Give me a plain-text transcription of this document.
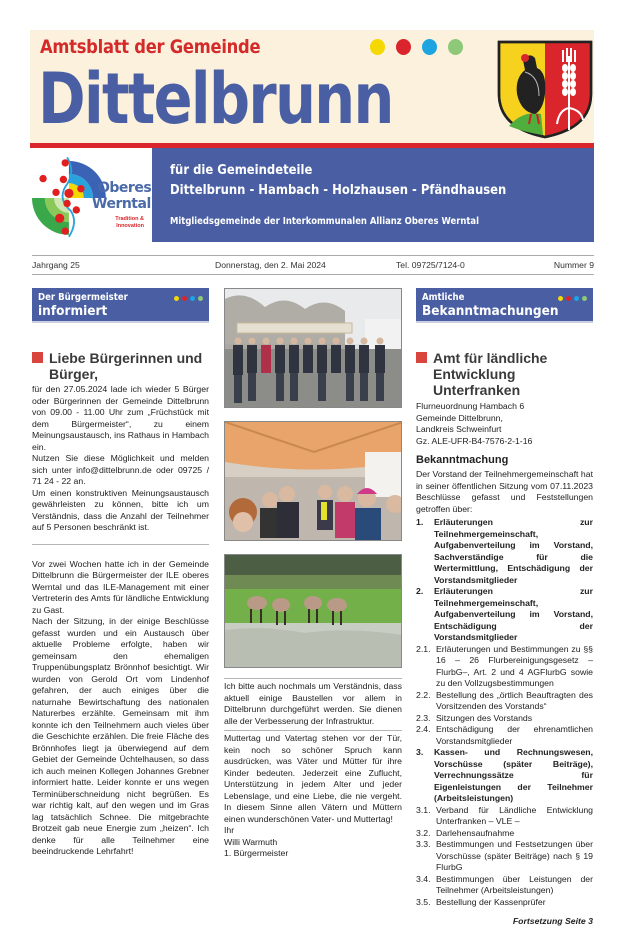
Amtsblatt der Gemeinde
Dittelbrunn
Oberes
Werntal
Tradition &
Innovation
für die Gemeindeteile
Dittelbrunn - Hambach - Holzhausen - Pfändhausen
Mitgliedsgemeinde der Interkommunalen Allianz Oberes Werntal
Jahrgang 25	Donnerstag, den 2. Mai 2024	Tel. 09725/7124-0	Nummer 9
Der Bürgermeister
informiert
Liebe Bürgerinnen und
Bürger,

für den 27.05.2024 lade ich wieder 5 Bürger oder Bürgerinnen der Gemeinde Dittelbrunn von 09.00 - 11.00 Uhr zum „Früchstück mit dem Bürgermeister“, zu einem Meinungsaustausch, ins Rathaus in Hambach ein.

Nutzen Sie diese Möglichkeit und melden sich unter info@dittelbrunn.de oder 09725 / 71 24 - 22 an.

Um einen konstruktiven Meinungsaustausch gewährleisten zu können, bitte ich um Verständnis, dass die Anzahl der Teilnehmer auf 5 Personen beschränkt ist.

Vor zwei Wochen hatte ich in der Gemeinde Dittelbrunn die Bürgermeister der ILE oberes Werntal und das ILE-Management mit einer Vertreterin des Amts für ländliche Entwicklung zu Gast.

Nach der Sitzung, in der einige Beschlüsse gefasst wurden und ein Austausch über aktuelle Probleme erfolgte, haben wir gemeinsam den ehemaligen Truppenübungsplatz Brönnhof besichtigt. Wir wurden von Gerold Ort vom Lindenhof gefahren, der auch einiges über die naturnahe Bewirtschaftung des nationalen Naturerbes erzählte. Gemeinsam mit ihm konnte ich den Teilnehmern auch vieles über die Geschichte erzählen. Die freie Fläche des Brönnhofes liegt ja überwiegend auf dem Gebiet der Gemeinde Üchtelhausen, so dass ich auch meinen Kollegen Johannes Grebner informiert hatte. Leider konnte er uns wegen Terminüberschneidung nicht begrüßen. Es war richtig kalt, auf den wegen und im Gras lag tatsächlich Schnee. Die mitgebrachte Brotzeit gab neue Energie zum „heizen“. Ich denke für alle Teilnehmer eine beeindruckende Lehrfahrt!

Ich bitte auch nochmals um Verständnis, dass aktuell einige Baustellen vor allem in Dittelbrunn durchgeführt werden. Sie dienen alle der Verbesserung der Infrastruktur.

Muttertag und Vatertag stehen vor der Tür, kein noch so schöner Spruch kann ausdrücken, was Väter und Mütter für ihre Kinder bedeuten. Jederzeit eine Zuflucht, Unterstützung in jedem Alter und jeder Lebenslage, und eine Liebe, die nie vergeht. In diesem Sinne allen Vätern und Müttern einen wunderschönen Vater- und Muttertag!

Ihr

Willi Warmuth

1. Bürgermeister

Amtliche
Bekanntmachungen
Amt für ländliche
Entwicklung Unterfranken
Flurneuordnung Hambach 6
Gemeinde Dittelbrunn,
Landkreis Schweinfurt
Gz. ALE-UFR-B4-7576-2-1-16
Bekanntmachung

Der Vorstand der Teilnehmergemeinschaft hat in seiner öffentlichen Sitzung vom 07.11.2023 Beschlüsse gefasst und Feststellungen getroffen über:

1. Erläuterungen zur Teilnehmergemeinschaft, Aufgabenverteilung im Vorstand, Sachverständige für die Wertermittlung, Entschädigung der Vorstandsmitglieder
2. Erläuterungen zur Teilnehmergemeinschaft, Aufgabenverteilung im Vorstand, Entschädigung der Vorstandsmitglieder
2.1. Erläuterungen und Bestimmungen zu §§ 16 – 26 Flurbereinigungsgesetz –FlurbG–, Art. 2 und 4 AGFlurbG sowie zu den Vollzugsbestimmungen
2.2. Bestellung des „örtlich Beauftragten des Vorsitzenden des Vorstands“
2.3. Sitzungen des Vorstands
2.4. Entschädigung der ehrenamtlichen Vorstandsmitglieder
3. Kassen- und Rechnungswesen, Vorschüsse (später Beiträge), Verrechnungssätze für Eigenleistungen der Teilnehmer (Arbeitsleistungen)
3.1. Verband für Ländliche Entwicklung Unterfranken – VLE –
3.2. Darlehensaufnahme
3.3. Bestimmungen und Festsetzungen über Vorschüsse (später Beiträge) nach § 19 FlurbG
3.4. Bestimmungen über Leistungen der Teilnehmer (Arbeitsleistungen)
3.5. Bestellung der Kassenprüfer
Fortsetzung Seite 3
